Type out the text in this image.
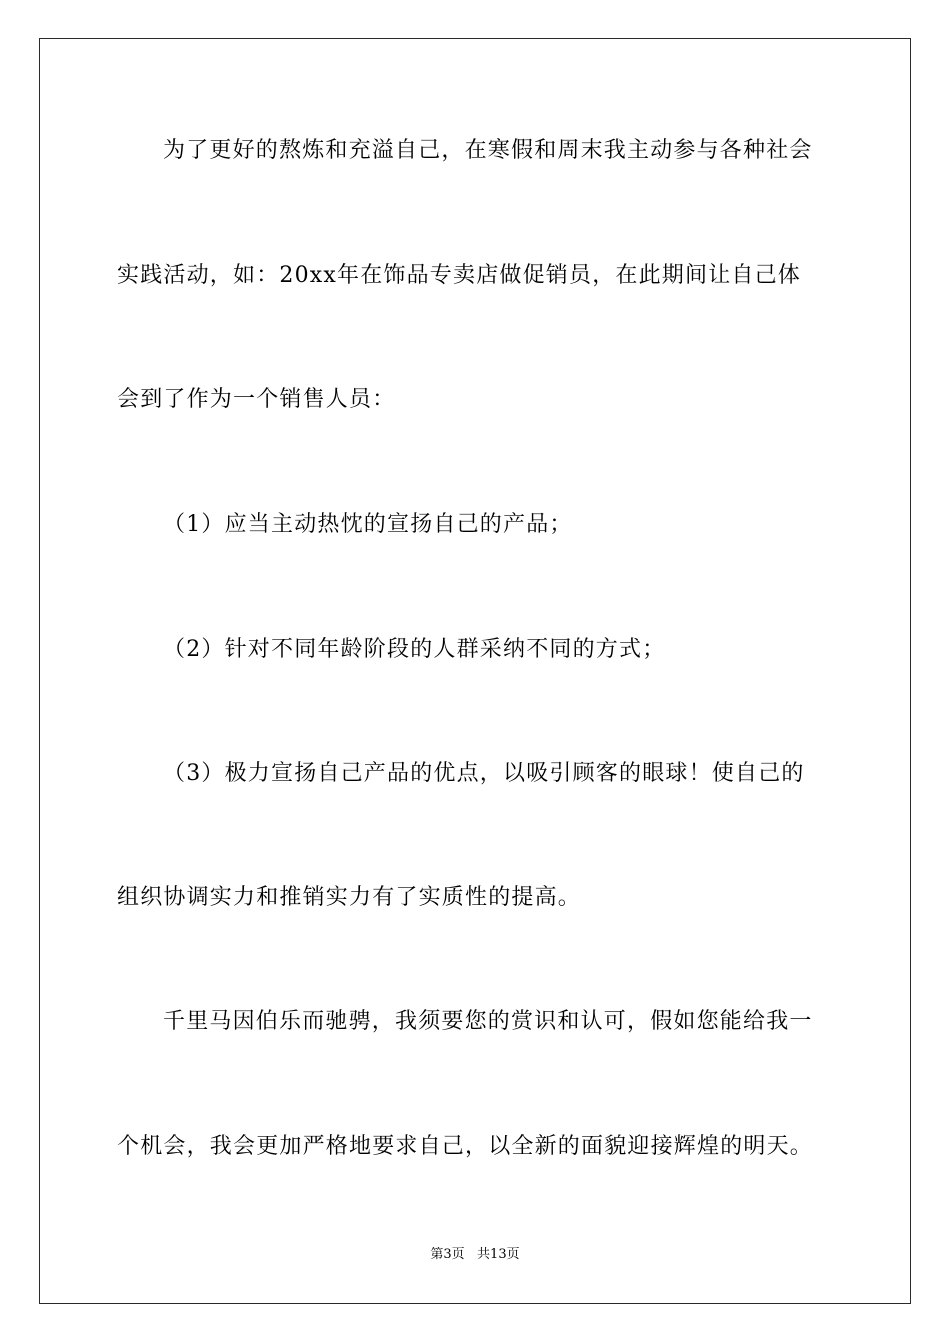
为了更好的熬炼和充溢自己，在寒假和周末我主动参与各种社会
实践活动，如：20xx年在饰品专卖店做促销员，在此期间让自己体
会到了作为一个销售人员：
（1）应当主动热忱的宣扬自己的产品；
（2）针对不同年龄阶段的人群采纳不同的方式；
（3）极力宣扬自己产品的优点，以吸引顾客的眼球！使自己的
组织协调实力和推销实力有了实质性的提高。
千里马因伯乐而驰骋，我须要您的赏识和认可，假如您能给我一
个机会，我会更加严格地要求自己，以全新的面貌迎接辉煌的明天。
第3页   共13页
